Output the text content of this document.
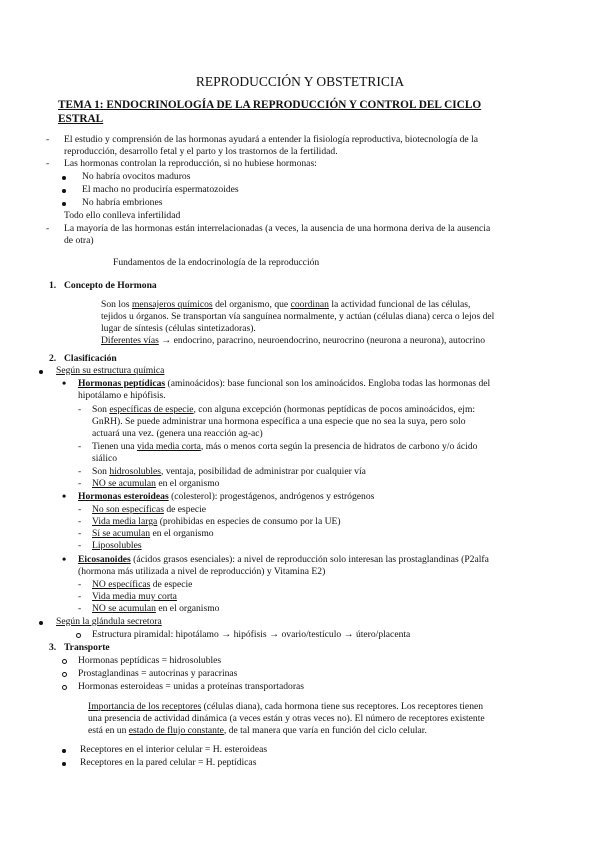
REPRODUCCIÓN Y OBSTETRICIA
TEMA 1: ENDOCRINOLOGÍA DE LA REPRODUCCIÓN Y CONTROL DEL CICLO
ESTRAL
- El estudio y comprensión de las hormonas ayudará a entender la fisiología reproductiva, biotecnología de la
reproducción, desarrollo fetal y el parto y los trastornos de la fertilidad.
- Las hormonas controlan la reproducción, si no hubiese hormonas:
No habría ovocitos maduros
El macho no produciría espermatozoides
No habría embriones
Todo ello conlleva infertilidad
- La mayoría de las hormonas están interrelacionadas (a veces, la ausencia de una hormona deriva de la ausencia
de otra)
Fundamentos de la endocrinología de la reproducción
1. Concepto de Hormona
Son los mensajeros químicos del organismo, que coordinan la actividad funcional de las células,
tejidos u órganos. Se transportan vía sanguínea normalmente, y actúan (células diana) cerca o lejos del
lugar de síntesis (células sintetizadoras).
Diferentes vías → endocrino, paracrino, neuroendocrino, neurocrino (neurona a neurona), autocrino
2. Clasificación
Según su estructura química
• Hormonas peptídicas (aminoácidos): base funcional son los aminoácidos. Engloba todas las hormonas del
hipotálamo e hipófisis.
- Son específicas de especie, con alguna excepción (hormonas peptídicas de pocos aminoácidos, ejm:
GnRH). Se puede administrar una hormona específica a una especie que no sea la suya, pero solo
actuará una vez. (genera una reacción ag-ac)
- Tienen una vida media corta, más o menos corta según la presencia de hidratos de carbono y/o ácido
siálico
- Son hidrosolubles, ventaja, posibilidad de administrar por cualquier vía
- NO se acumulan en el organismo
• Hormonas esteroideas (colesterol): progestágenos, andrógenos y estrógenos
- No son específicas de especie
- Vida media larga (prohibidas en especies de consumo por la UE)
- Sí se acumulan en el organismo
- Liposolubles
• Eicosanoides (ácidos grasos esenciales): a nivel de reproducción solo interesan las prostaglandinas (P2alfa
(hormona más utilizada a nivel de reproducción) y Vitamina E2)
- NO específicas de especie
- Vida media muy corta
- NO se acumulan en el organismo
Según la glándula secretora
Estructura piramidal: hipotálamo → hipófisis → ovario/testículo → útero/placenta
3. Transporte
Hormonas peptídicas = hidrosolubles
Prostaglandinas = autocrinas y paracrinas
Hormonas esteroideas = unidas a proteínas transportadoras
Importancia de los receptores (células diana), cada hormona tiene sus receptores. Los receptores tienen
una presencia de actividad dinámica (a veces están y otras veces no). El número de receptores existente
está en un estado de flujo constante, de tal manera que varía en función del ciclo celular.
Receptores en el interior celular = H. esteroideas
Receptores en la pared celular = H. peptídicas
